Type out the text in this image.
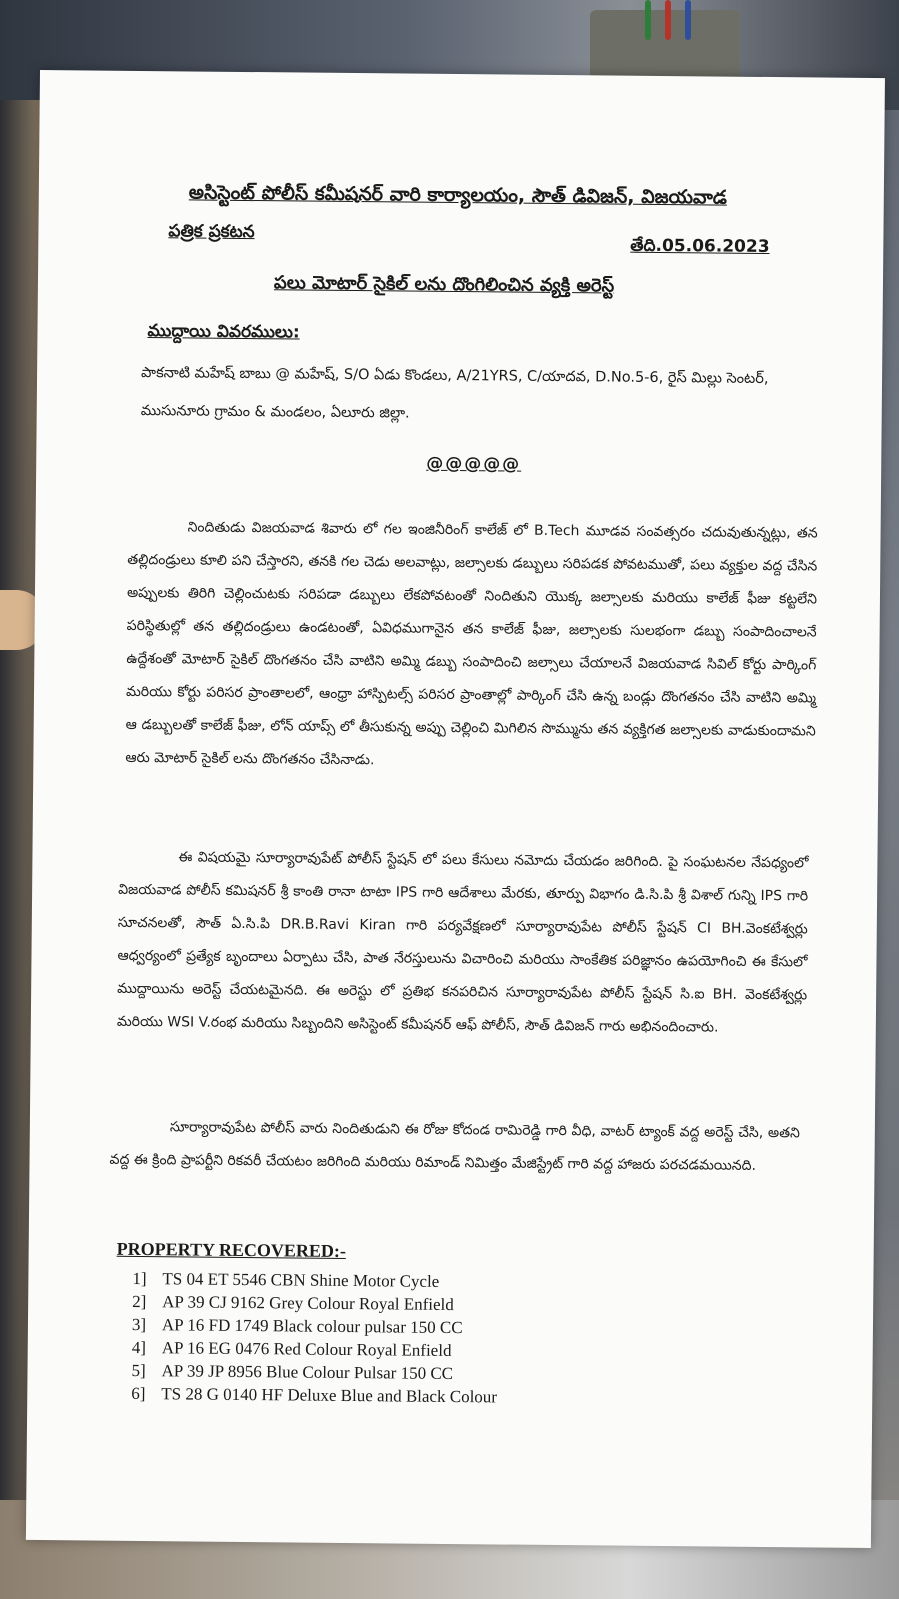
అసిస్టెంట్ పోలీస్ కమీషనర్ వారి కార్యాలయం, సౌత్ డివిజన్, విజయవాడ
పత్రిక ప్రకటన
తేది.05.06.2023
పలు మోటార్ సైకిల్ లను దొంగిలించిన వ్యక్తి అరెస్ట్
ముద్దాయి వివరములు:
పాకనాటి మహేష్ బాబు @ మహేష్, S/O ఏడు కొండలు, A/21YRS, C/యాదవ, D.No.5-6, రైస్ మిల్లు సెంటర్, ముసునూరు గ్రామం & మండలం, ఏలూరు జిల్లా.
@@@@@

నిందితుడు విజయవాడ శివారు లో గల ఇంజినీరింగ్ కాలేజ్ లో B.Tech మూడవ సంవత్సరం చదువుతున్నట్లు, తన తల్లిదండ్రులు కూలి పని చేస్తారని, తనకి గల చెడు అలవాట్లు, జల్సాలకు డబ్బులు సరిపడక పోవటముతో, పలు వ్యక్తుల వద్ద చేసిన అప్పులకు తిరిగి చెల్లించుటకు సరిపడా డబ్బులు లేకపోవటంతో నిందితుని యొక్క జల్సాలకు మరియు కాలేజ్ ఫీజు కట్టలేని పరిస్థితుల్లో తన తల్లిదండ్రులు ఉండటంతో, ఏవిధముగానైన తన కాలేజ్ ఫీజు, జల్సాలకు సులభంగా డబ్బు సంపాదించాలనే ఉద్దేశంతో మోటార్ సైకిల్ దొంగతనం చేసి వాటిని అమ్మి డబ్బు సంపాదించి జల్సాలు చేయాలనే విజయవాడ సివిల్ కోర్టు పార్కింగ్ మరియు కోర్టు పరిసర ప్రాంతాలలో, ఆంధ్రా హాస్పిటల్స్ పరిసర ప్రాంతాల్లో పార్కింగ్ చేసి ఉన్న బండ్లు దొంగతనం చేసి వాటిని అమ్మి ఆ డబ్బులతో కాలేజ్ ఫీజు, లోన్ యాప్స్ లో తీసుకున్న అప్పు చెల్లించి మిగిలిన సొమ్మును తన వ్యక్తిగత జల్సాలకు వాడుకుందామని ఆరు మోటార్ సైకిల్ లను దొంగతనం చేసినాడు.

ఈ విషయమై సూర్యారావుపేట్ పోలీస్ స్టేషన్ లో పలు కేసులు నమోదు చేయడం జరిగింది. పై సంఘటనల నేపధ్యంలో విజయవాడ పోలీస్ కమిషనర్ శ్రీ కాంతి రానా టాటా IPS గారి ఆదేశాలు మేరకు, తూర్పు విభాగం డి.సి.పి శ్రీ విశాల్ గున్ని IPS గారి సూచనలతో, సౌత్ ఏ.సి.పి DR.B.Ravi Kiran గారి పర్యవేక్షణలో సూర్యారావుపేట పోలీస్ స్టేషన్ CI BH.వెంకటేశ్వర్లు ఆధ్వర్యంలో ప్రత్యేక బృందాలు ఏర్పాటు చేసి, పాత నేరస్తులును విచారించి మరియు సాంకేతిక పరిజ్ఞానం ఉపయోగించి ఈ కేసులో ముద్దాయిను అరెస్ట్ చేయటమైనది. ఈ అరెస్టు లో ప్రతిభ కనపరిచిన సూర్యారావుపేట పోలీస్ స్టేషన్ సి.ఐ BH. వెంకటేశ్వర్లు మరియు WSI V.రంభ మరియు సిబ్బందిని అసిస్టెంట్ కమీషనర్ ఆఫ్ పోలీస్, సౌత్ డివిజన్ గారు అభినందించారు.

సూర్యారావుపేట పోలీస్ వారు నిందితుడుని ఈ రోజు కోదండ రామిరెడ్డి గారి వీధి, వాటర్ ట్యాంక్ వద్ద అరెస్ట్ చేసి, అతని వద్ద ఈ క్రింది ప్రాపర్టీని రికవరీ చేయటం జరిగింది మరియు రిమాండ్ నిమిత్తం మేజిస్ట్రేట్ గారి వద్ద హాజరు పరచడమయినది.

PROPERTY RECOVERED:-
1] TS 04 ET 5546 CBN Shine Motor Cycle
2] AP 39 CJ 9162 Grey Colour Royal Enfield
3] AP 16 FD 1749 Black colour pulsar 150 CC
4] AP 16 EG 0476 Red Colour Royal Enfield
5] AP 39 JP 8956 Blue Colour Pulsar 150 CC
6] TS 28 G 0140 HF Deluxe Blue and Black Colour
